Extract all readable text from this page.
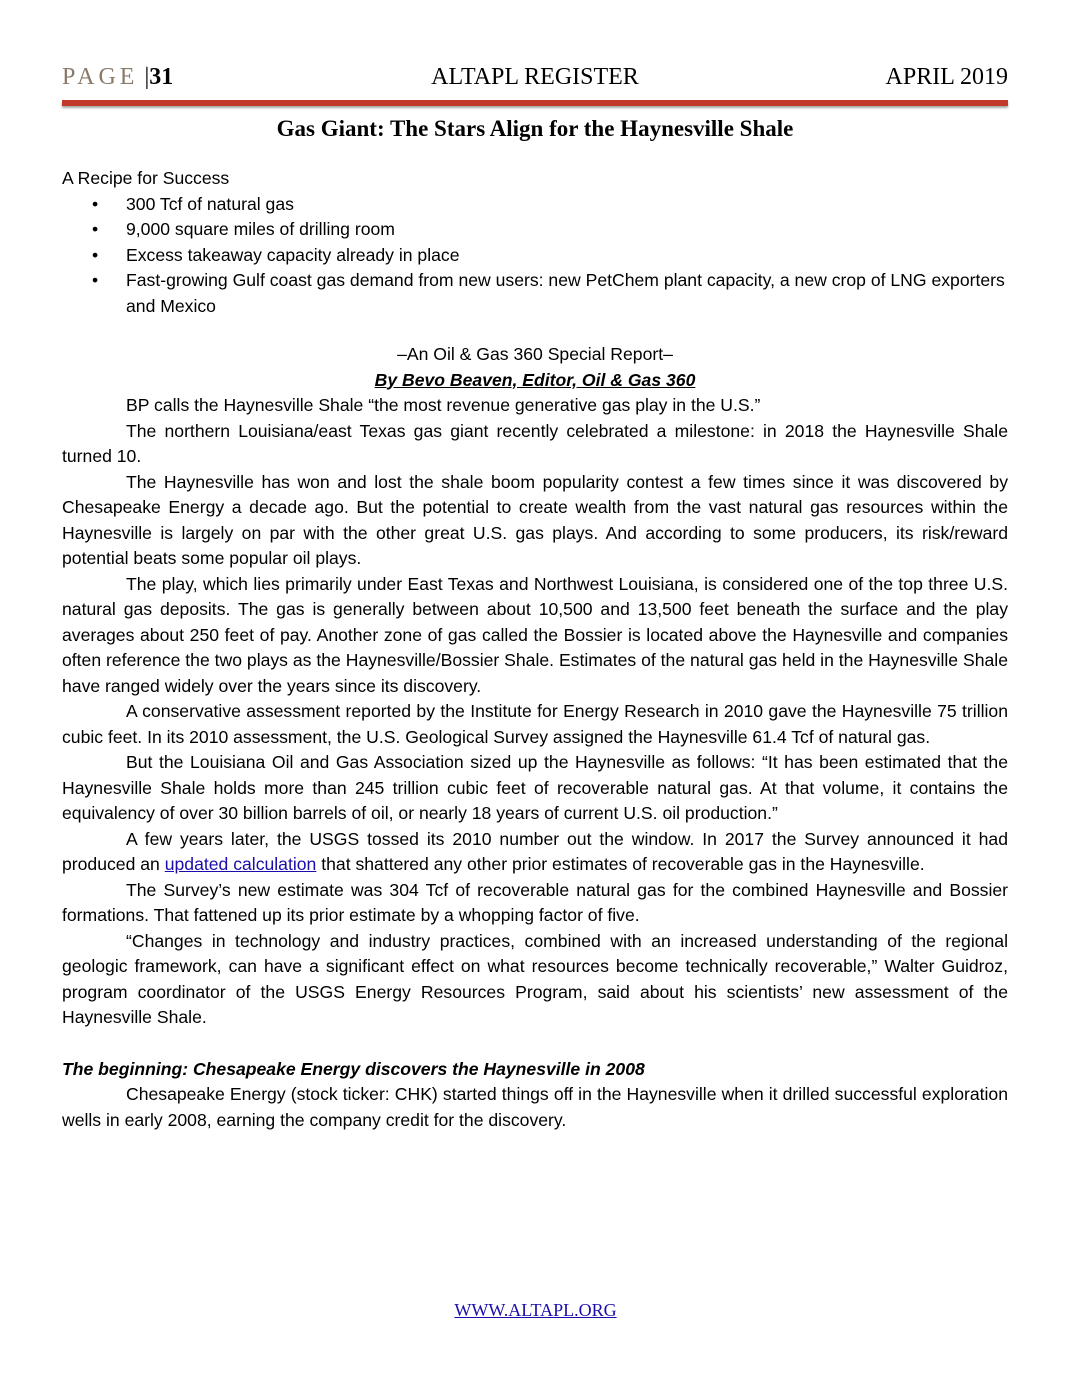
PAGE |31	ALTAPL REGISTER	APRIL 2019
Gas Giant: The Stars Align for the Haynesville Shale

A Recipe for Success

• 300 Tcf of natural gas
• 9,000 square miles of drilling room
• Excess takeaway capacity already in place
• Fast-growing Gulf coast gas demand from new users: new PetChem plant capacity, a new crop of LNG exporters and Mexico
–An Oil & Gas 360 Special Report–
By Bevo Beaven, Editor, Oil & Gas 360

BP calls the Haynesville Shale “the most revenue generative gas play in the U.S.”

The northern Louisiana/east Texas gas giant recently celebrated a milestone: in 2018 the Haynesville Shale turned 10.

The Haynesville has won and lost the shale boom popularity contest a few times since it was discovered by Chesapeake Energy a decade ago. But the potential to create wealth from the vast natural gas resources within the Haynesville is largely on par with the other great U.S. gas plays. And according to some producers, its risk/reward potential beats some popular oil plays.

The play, which lies primarily under East Texas and Northwest Louisiana, is considered one of the top three U.S. natural gas deposits. The gas is generally between about 10,500 and 13,500 feet beneath the surface and the play averages about 250 feet of pay. Another zone of gas called the Bossier is located above the Haynesville and companies often reference the two plays as the Haynesville/Bossier Shale. Estimates of the natural gas held in the Haynesville Shale have ranged widely over the years since its discovery.

A conservative assessment reported by the Institute for Energy Research in 2010 gave the Haynesville 75 trillion cubic feet. In its 2010 assessment, the U.S. Geological Survey assigned the Haynesville 61.4 Tcf of natural gas.

But the Louisiana Oil and Gas Association sized up the Haynesville as follows: “It has been estimated that the Haynesville Shale holds more than 245 trillion cubic feet of recoverable natural gas. At that volume, it contains the equivalency of over 30 billion barrels of oil, or nearly 18 years of current U.S. oil production.”

A few years later, the USGS tossed its 2010 number out the window. In 2017 the Survey announced it had produced an updated calculation that shattered any other prior estimates of recoverable gas in the Haynesville.

The Survey’s new estimate was 304 Tcf of recoverable natural gas for the combined Haynesville and Bossier formations. That fattened up its prior estimate by a whopping factor of five.

“Changes in technology and industry practices, combined with an increased understanding of the regional geologic framework, can have a significant effect on what resources become technically recoverable,” Walter Guidroz, program coordinator of the USGS Energy Resources Program, said about his scientists’ new assessment of the Haynesville Shale.

The beginning: Chesapeake Energy discovers the Haynesville in 2008

Chesapeake Energy (stock ticker: CHK) started things off in the Haynesville when it drilled successful exploration wells in early 2008, earning the company credit for the discovery.

WWW.ALTAPL.ORG
